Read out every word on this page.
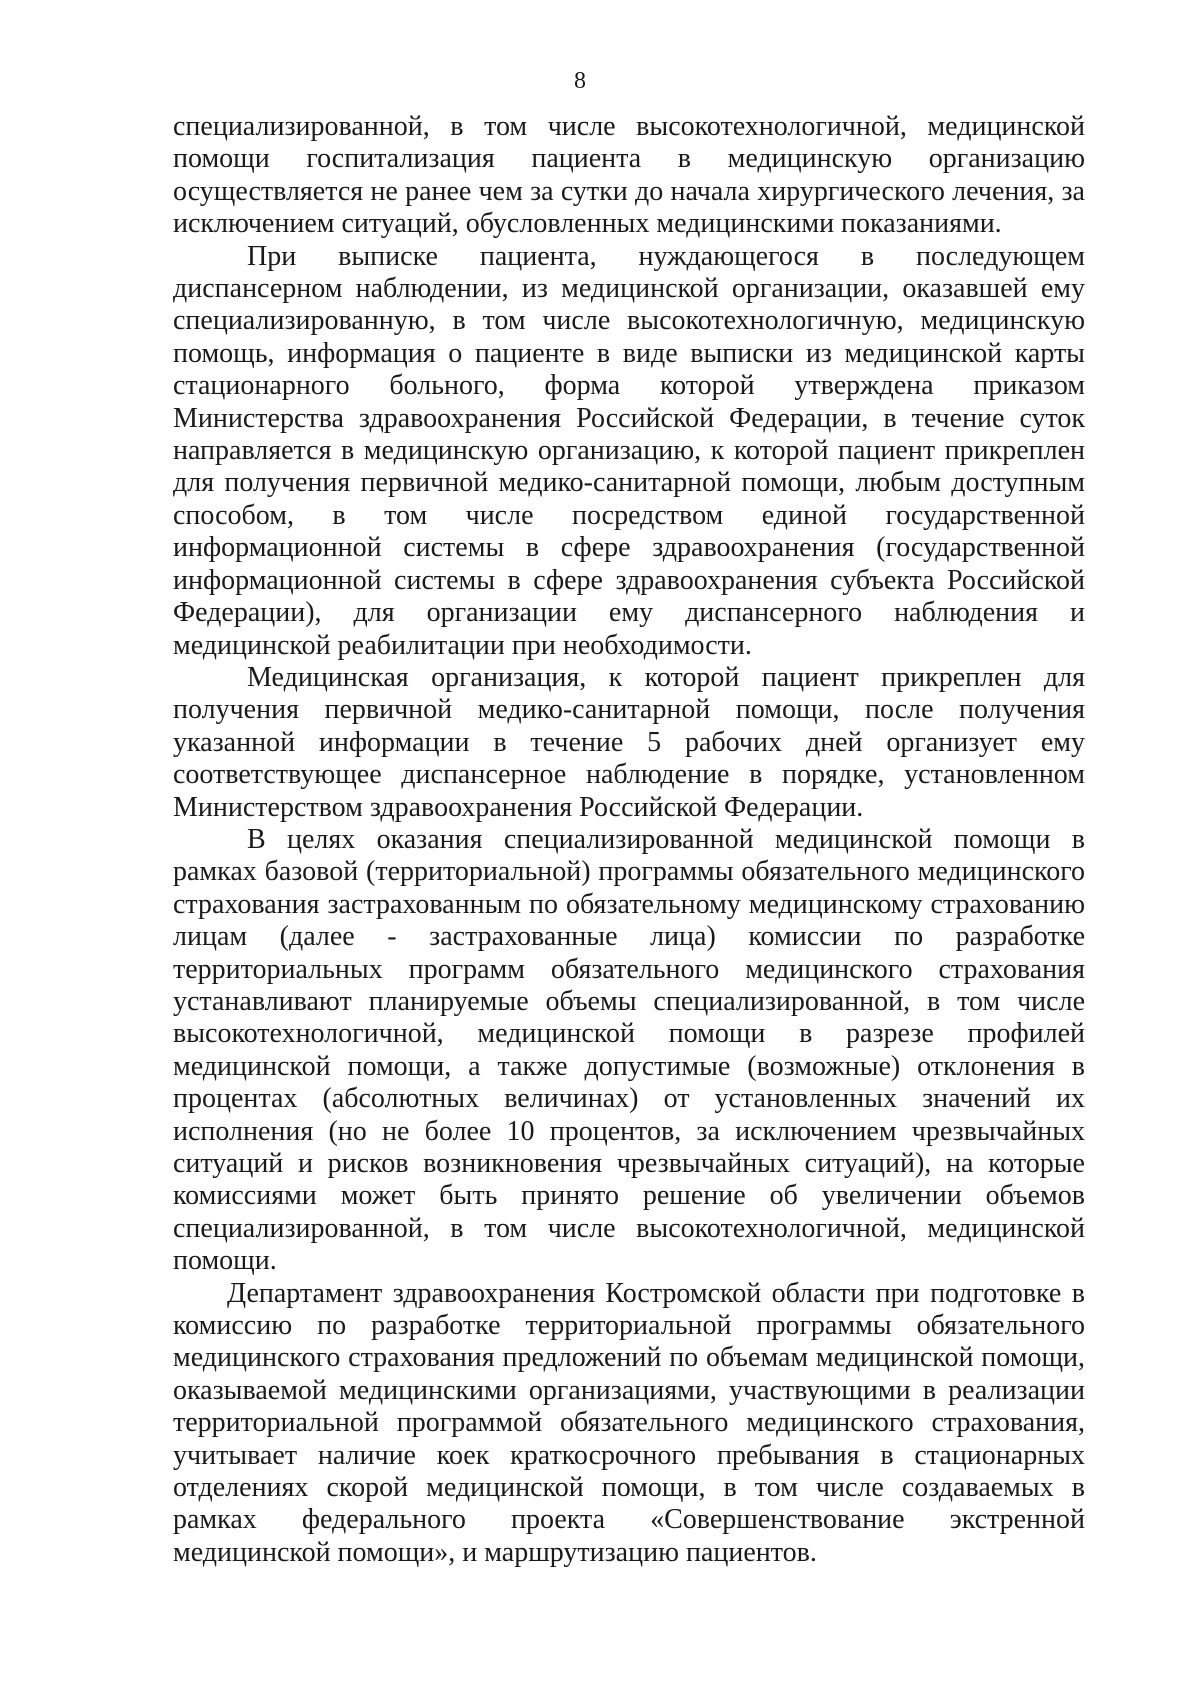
8

специализированной, в том числе высокотехнологичной, медицинской помощи госпитализация пациента в медицинскую организацию осуществляется не ранее чем за сутки до начала хирургического лечения, за исключением ситуаций, обусловленных медицинскими показаниями.

При выписке пациента, нуждающегося в последующем диспансерном наблюдении, из медицинской организации, оказавшей ему специализированную, в том числе высокотехнологичную, медицинскую помощь, информация о пациенте в виде выписки из медицинской карты стационарного больного, форма которой утверждена приказом Министерства здравоохранения Российской Федерации, в течение суток направляется в медицинскую организацию, к которой пациент прикреплен для получения первичной медико-санитарной помощи, любым доступным способом, в том числе посредством единой государственной информационной системы в сфере здравоохранения (государственной информационной системы в сфере здравоохранения субъекта Российской Федерации), для организации ему диспансерного наблюдения и медицинской реабилитации при необходимости.

Медицинская организация, к которой пациент прикреплен для получения первичной медико-санитарной помощи, после получения указанной информации в течение 5 рабочих дней организует ему соответствующее диспансерное наблюдение в порядке, установленном Министерством здравоохранения Российской Федерации.

В целях оказания специализированной медицинской помощи в рамках базовой (территориальной) программы обязательного медицинского страхования застрахованным по обязательному медицинскому страхованию лицам (далее - застрахованные лица) комиссии по разработке территориальных программ обязательного медицинского страхования устанавливают планируемые объемы специализированной, в том числе высокотехнологичной, медицинской помощи в разрезе профилей медицинской помощи, а также допустимые (возможные) отклонения в процентах (абсолютных величинах) от установленных значений их исполнения (но не более 10 процентов, за исключением чрезвычайных ситуаций и рисков возникновения чрезвычайных ситуаций), на которые комиссиями может быть принято решение об увеличении объемов специализированной, в том числе высокотехнологичной, медицинской помощи.

Департамент здравоохранения Костромской области при подготовке в комиссию по разработке территориальной программы обязательного медицинского страхования предложений по объемам медицинской помощи, оказываемой медицинскими организациями, участвующими в реализации территориальной программой обязательного медицинского страхования, учитывает наличие коек краткосрочного пребывания в стационарных отделениях скорой медицинской помощи, в том числе создаваемых в рамках федерального проекта «Совершенствование экстренной медицинской помощи», и маршрутизацию пациентов.
